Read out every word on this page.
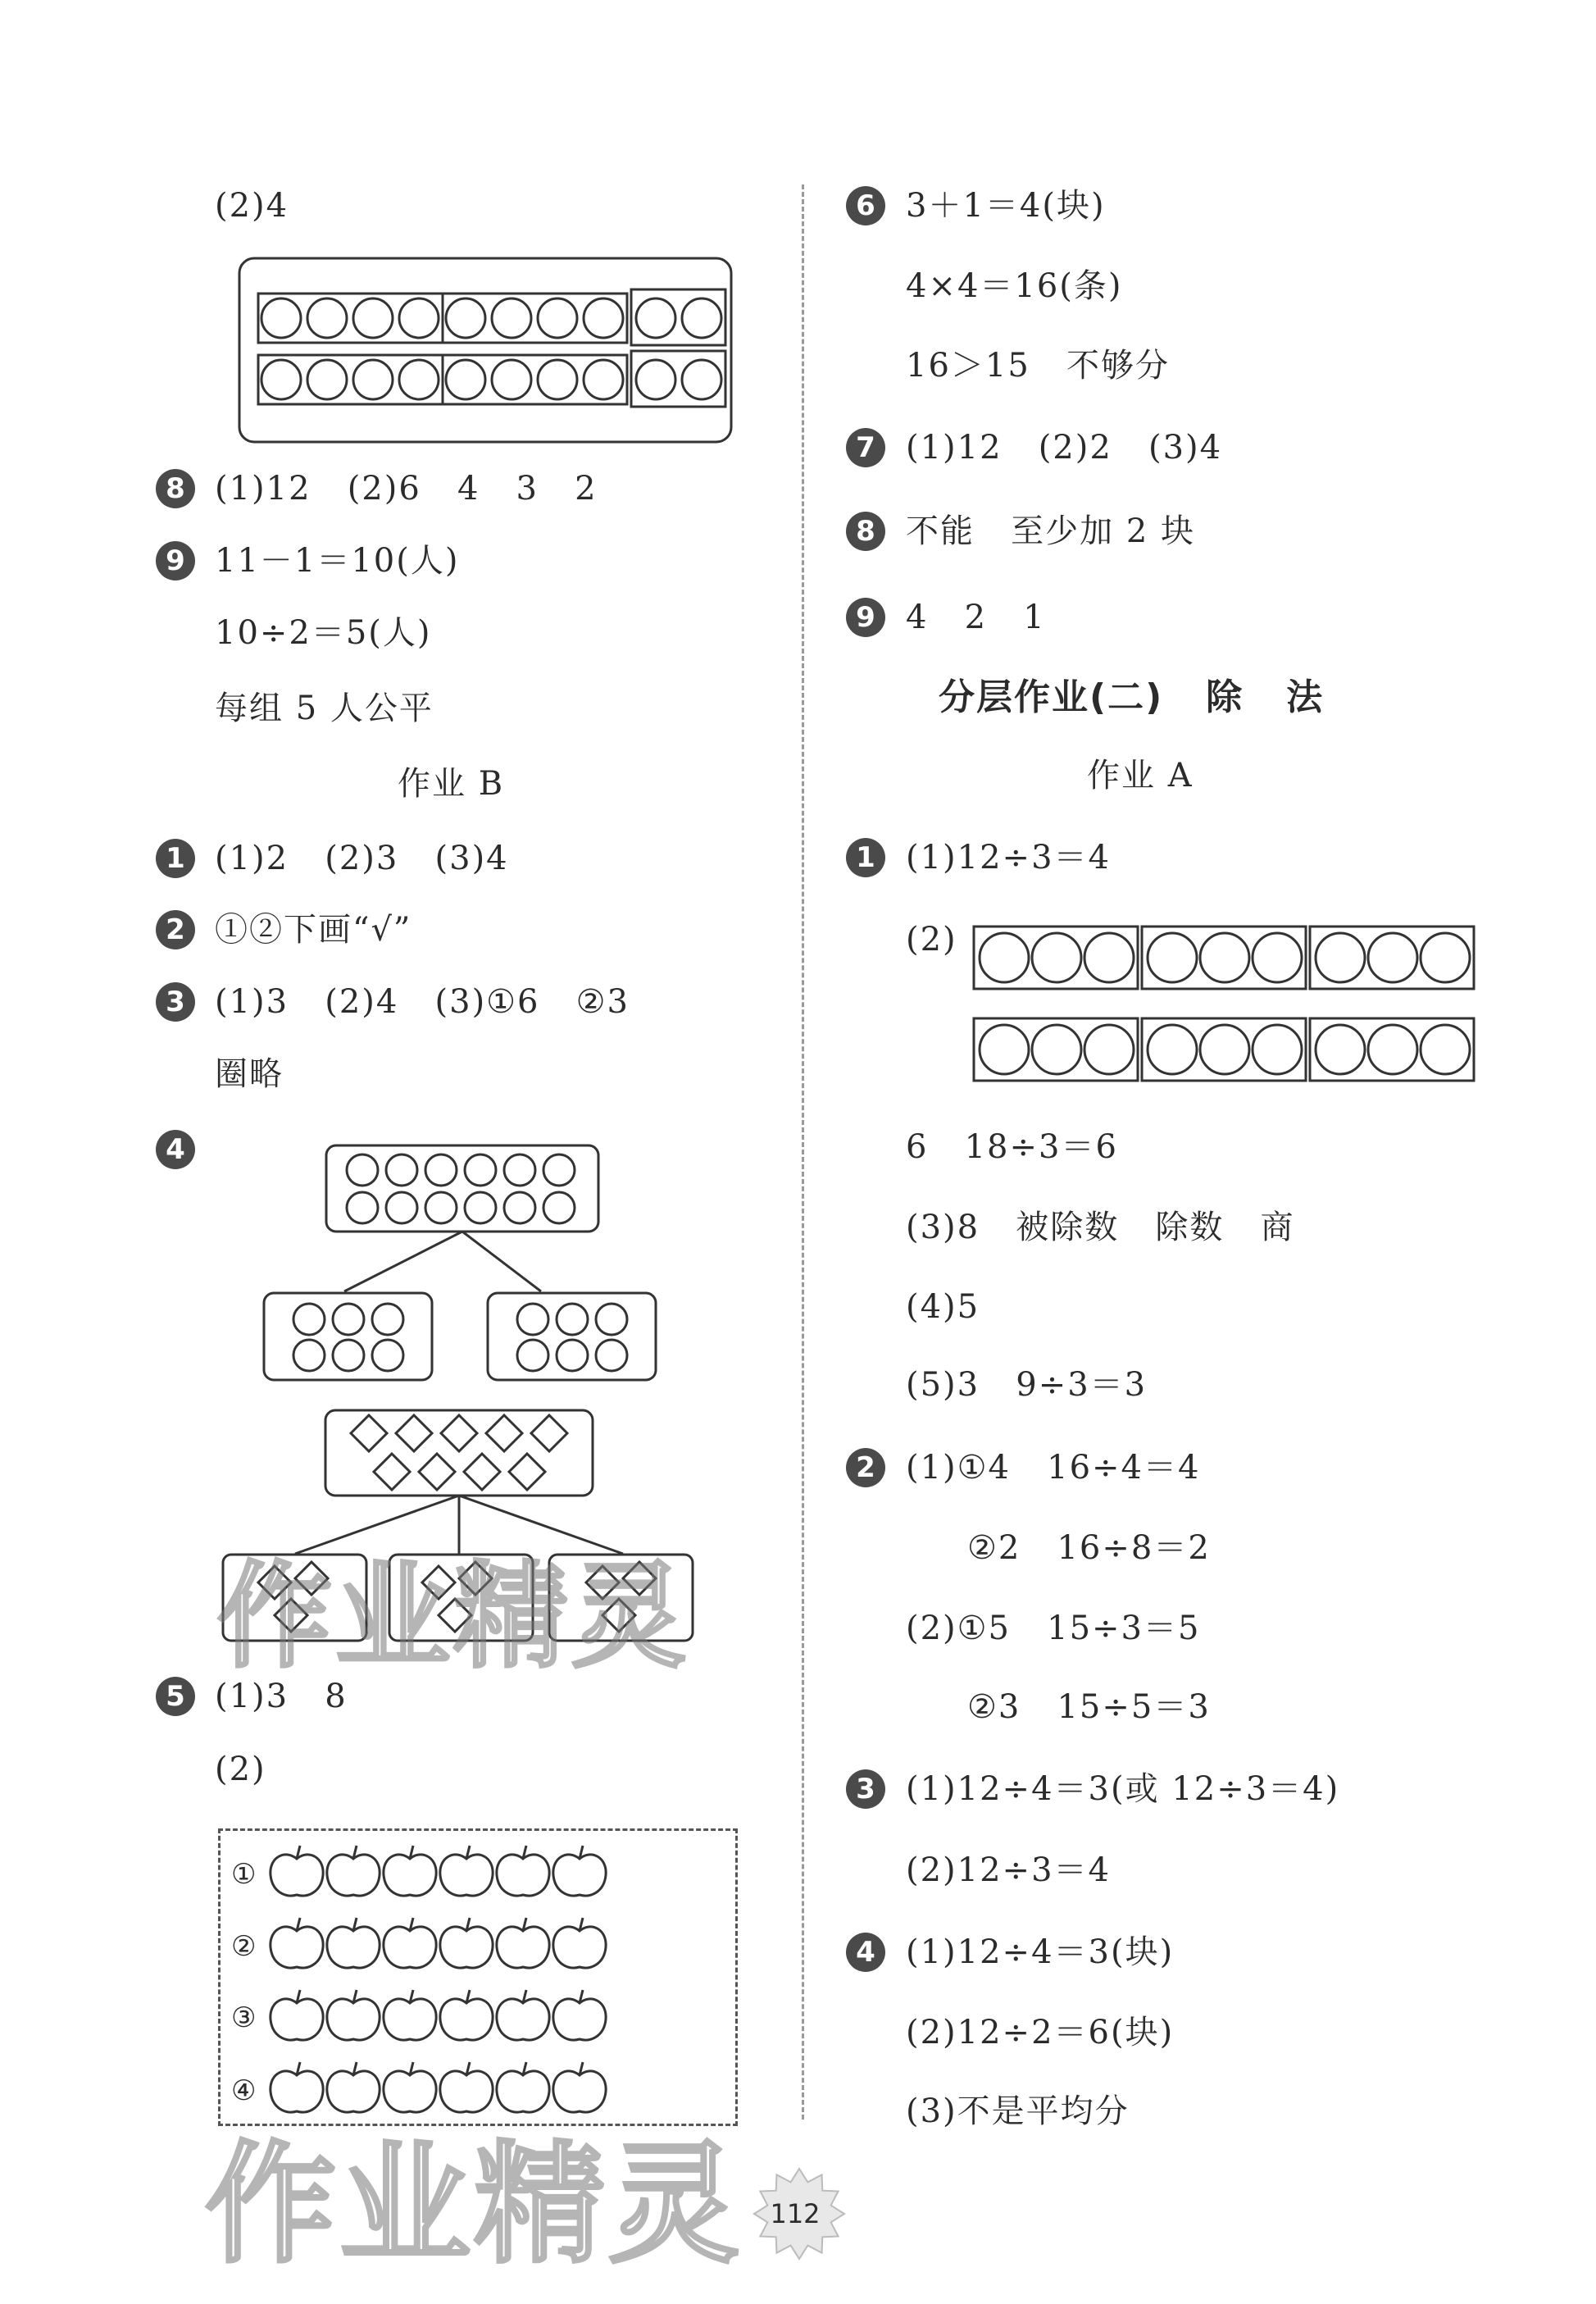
(2)4
8 (1)12   (2)6   4   3   2
9 11－1＝10(人)
10÷2＝5(人)
每组 5 人公平
作业 B
1 (1)2   (2)3   (3)4
2 ①②下画“√”
3 (1)3   (2)4   (3)①6   ②3
圈略
4
5 (1)3   8
(2)
①
②
③
④
6 3＋1＝4(块)
4×4＝16(条)
16＞15   不够分
7 (1)12   (2)2   (3)4
8 不能   至少加 2 块
9 4   2   1
分层作业(二)   除   法
作业 A
1 (1)12÷3＝4
(2)
6   18÷3＝6
(3)8   被除数   除数   商
(4)5
(5)3   9÷3＝3
2 (1)①4   16÷4＝4
②2   16÷8＝2
(2)①5   15÷3＝5
②3   15÷5＝3
3 (1)12÷4＝3(或 12÷3＝4)
(2)12÷3＝4
4 (1)12÷4＝3(块)
(2)12÷2＝6(块)
(3)不是平均分
作业精灵
作业精灵 112
